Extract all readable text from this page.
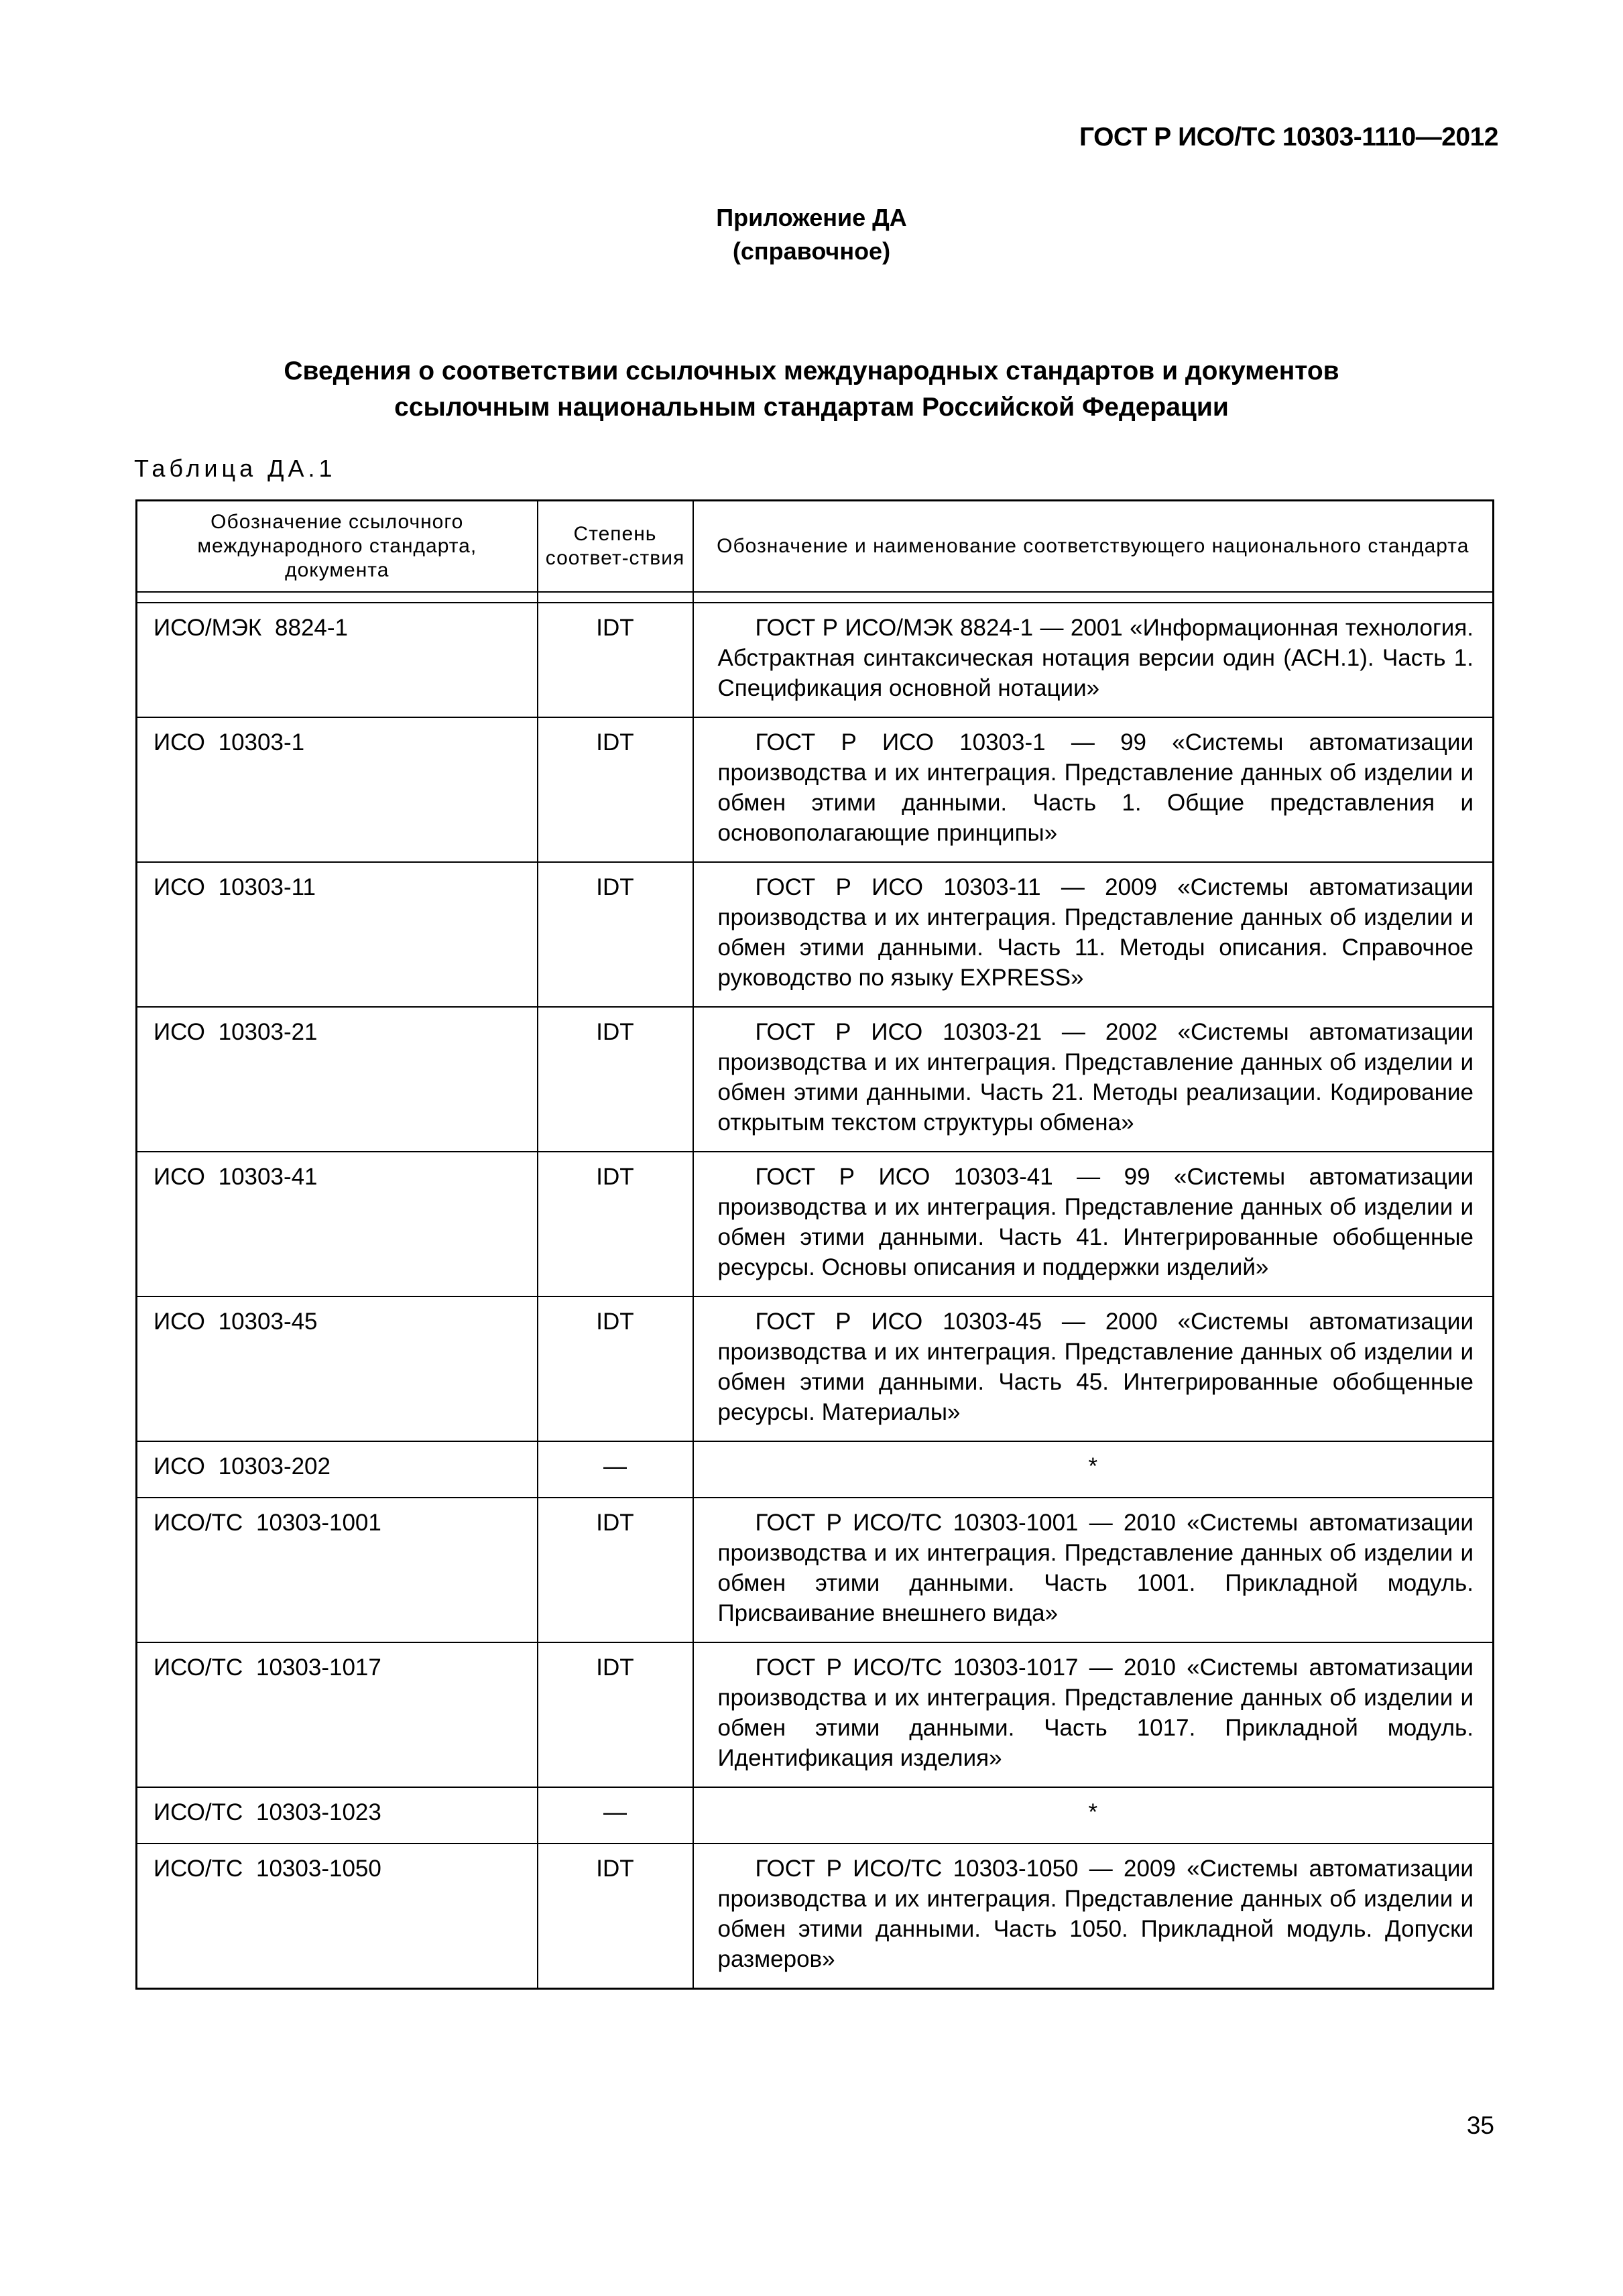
ГОСТ Р ИСО/ТС 10303-1110—2012
Приложение ДА
(справочное)
Сведения о соответствии ссылочных международных стандартов и документов
ссылочным национальным стандартам Российской Федерации
Таблица ДА.1
Обозначение ссылочного международного стандарта, документа	Степень соответ-ствия	Обозначение и наименование соответствующего национального стандарта

ИСО/МЭК 8824-1	IDT	ГОСТ Р ИСО/МЭК 8824-1 — 2001 «Информационная технология. Абстрактная синтаксическая нотация версии один (АСН.1). Часть 1. Спецификация основной нотации»
ИСО 10303-1	IDT	ГОСТ Р ИСО 10303-1 — 99 «Системы автоматизации производства и их интеграция. Представление данных об изделии и обмен этими данными. Часть 1. Общие представления и основополагающие принципы»
ИСО 10303-11	IDT	ГОСТ Р ИСО 10303-11 — 2009 «Системы автоматизации производства и их интеграция. Представление данных об изделии и обмен этими данными. Часть 11. Методы описания. Справочное руководство по языку EXPRESS»
ИСО 10303-21	IDT	ГОСТ Р ИСО 10303-21 — 2002 «Системы автоматизации производства и их интеграция. Представление данных об изделии и обмен этими данными. Часть 21. Методы реализации. Кодирование открытым текстом структуры обмена»
ИСО 10303-41	IDT	ГОСТ Р ИСО 10303-41 — 99 «Системы автоматизации производства и их интеграция. Представление данных об изделии и обмен этими данными. Часть 41. Интегрированные обобщенные ресурсы. Основы описания и поддержки изделий»
ИСО 10303-45	IDT	ГОСТ Р ИСО 10303-45 — 2000 «Системы автоматизации производства и их интеграция. Представление данных об изделии и обмен этими данными. Часть 45. Интегрированные обобщенные ресурсы. Материалы»
ИСО 10303-202	—	*
ИСО/ТС 10303-1001	IDT	ГОСТ Р ИСО/ТС 10303-1001 — 2010 «Системы автоматизации производства и их интеграция. Представление данных об изделии и обмен этими данными. Часть 1001. Прикладной модуль. Присваивание внешнего вида»
ИСО/ТС 10303-1017	IDT	ГОСТ Р ИСО/ТС 10303-1017 — 2010 «Системы автоматизации производства и их интеграция. Представление данных об изделии и обмен этими данными. Часть 1017. Прикладной модуль. Идентификация изделия»
ИСО/ТС 10303-1023	—	*
ИСО/ТС 10303-1050	IDT	ГОСТ Р ИСО/ТС 10303-1050 — 2009 «Системы автоматизации производства и их интеграция. Представление данных об изделии и обмен этими данными. Часть 1050. Прикладной модуль. Допуски размеров»
35
